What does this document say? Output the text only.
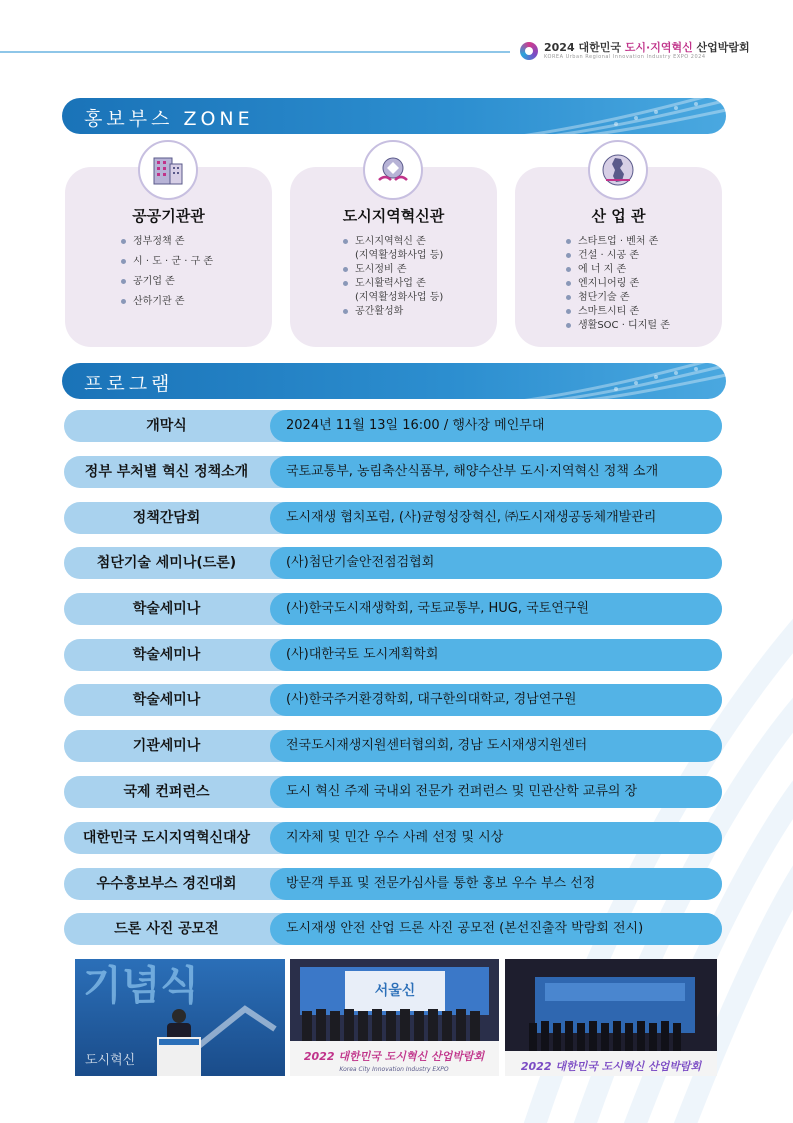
2024 대한민국 도시·지역혁신 산업박람회
KOREA Urban Regional Innovation Industry EXPO 2024
홍보부스 ZONE
공공기관관	도시지역혁신관	산 업 관
정부정책 존
시 · 도 · 군 · 구 존
공기업 존
산하기관 존
도시지역혁신 존
(지역활성화사업 등)
도시정비 존
도시활력사업 존
(지역활성화사업 등)
공간활성화
스타트업 · 벤처 존
건설 · 시공 존
에 너 지 존
엔지니어링 존
첨단기술 존
스마트시티 존
생활SOC · 디지털 존
프로그램
개막식	2024년 11월 13일 16:00 / 행사장 메인무대
정부 부처별 혁신 정책소개	국토교통부, 농림축산식품부, 해양수산부 도시·지역혁신 정책 소개
정책간담회	도시재생 협치포럼, (사)균형성장혁신, ㈜도시재생공동체개발관리
첨단기술 세미나(드론)	(사)첨단기술안전점검협회
학술세미나	(사)한국도시재생학회, 국토교통부, HUG, 국토연구원
학술세미나	(사)대한국토 도시계획학회
학술세미나	(사)한국주거환경학회, 대구한의대학교, 경남연구원
기관세미나	전국도시재생지원센터협의회, 경남 도시재생지원센터
국제 컨퍼런스	도시 혁신 주제 국내외 전문가 컨퍼런스 및 민관산학 교류의 장
대한민국 도시지역혁신대상	지자체 및 민간 우수 사례 선정 및 시상
우수홍보부스 경진대회	방문객 투표 및 전문가심사를 통한 홍보 우수 부스 선정
드론 사진 공모전	도시재생 안전 산업 드론 사진 공모전 (본선진출작 박람회 전시)
기념식
도시혁신
서울신
2022 대한민국 도시혁신 산업박람회
Korea City Innovation Industry EXPO	2022 대한민국 도시혁신 산업박람회
